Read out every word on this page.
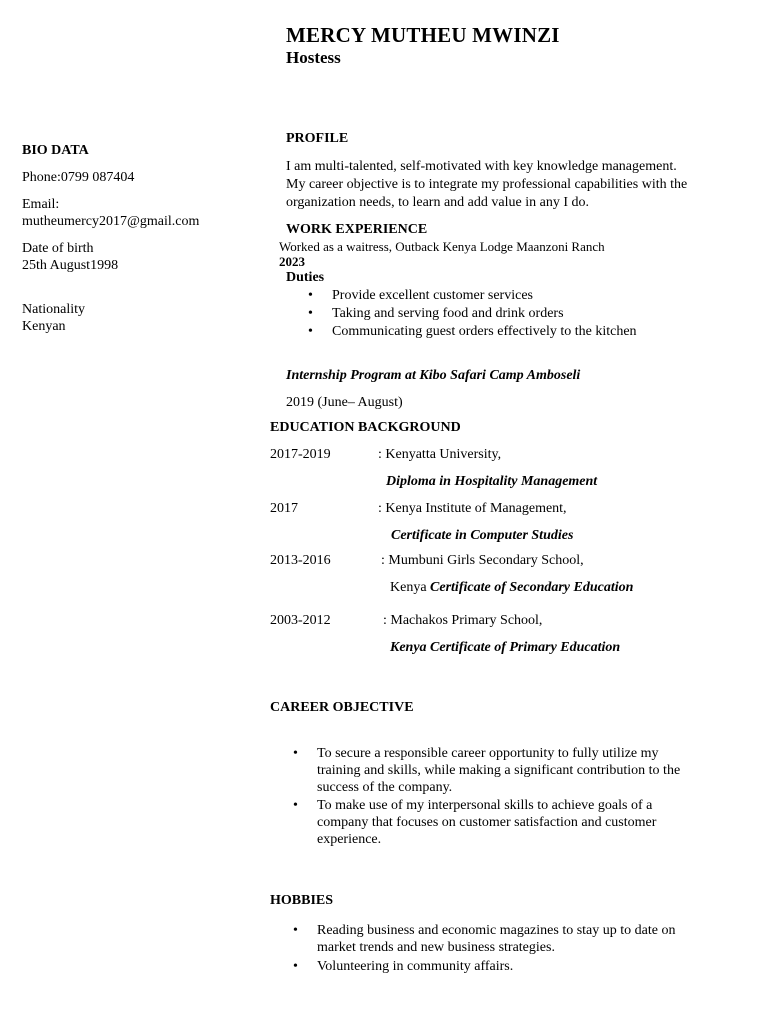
MERCY MUTHEU MWINZI
Hostess
BIO DATA
Phone:0799 087404
Email:
mutheumercy2017@gmail.com
Date of birth
25th August1998
Nationality
Kenyan
PROFILE
I am multi-talented, self-motivated with key knowledge management.
My career objective is to integrate my professional capabilities with the
organization needs, to learn and add value in any I do.
WORK EXPERIENCE
Worked as a waitress, Outback Kenya Lodge Maanzoni Ranch
2023
Duties
• Provide excellent customer services
• Taking and serving food and drink orders
• Communicating guest orders effectively to the kitchen
Internship Program at Kibo Safari Camp Amboseli
2019 (June– August)
EDUCATION BACKGROUND
2017-2019	: Kenyatta University,
Diploma in Hospitality Management
2017	: Kenya Institute of Management,
Certificate in Computer Studies
2013-2016	: Mumbuni Girls Secondary School,
Kenya Certificate of Secondary Education
2003-2012	: Machakos Primary School,
Kenya Certificate of Primary Education
CAREER OBJECTIVE
• To secure a responsible career opportunity to fully utilize my
training and skills, while making a significant contribution to the
success of the company.
• To make use of my interpersonal skills to achieve goals of a
company that focuses on customer satisfaction and customer
experience.
HOBBIES
• Reading business and economic magazines to stay up to date on
market trends and new business strategies.
• Volunteering in community affairs.
